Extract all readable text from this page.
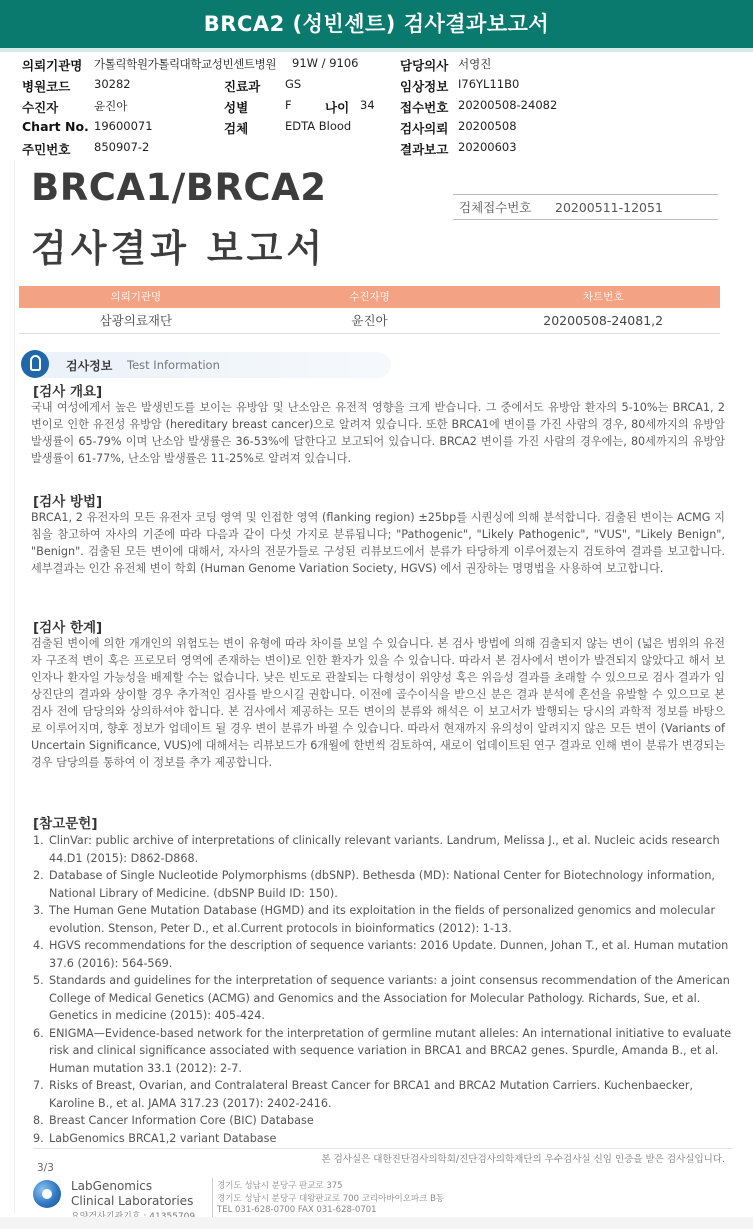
BRCA2 (성빈센트) 검사결과보고서
의뢰기관명 가톨릭학원가톨릭대학교성빈센트병원 91W / 9106	담당의사 서영진
병원코드 30282	진료과 GS	임상정보 I76YL11B0
수진자	윤진아	성별	F	나이 34 접수번호 20200508-24082
Chart No. 19600071	검체	EDTA Blood	검사의뢰 20200508
주민번호 850907-2	결과보고 20200603
BRCA1/BRCA2
검사결과 보고서
검체접수번호 20200511-12051
의뢰기관명	수진자명	차트번호
삼광의료재단	윤진아	20200508-24081,2
검사정보 Test Information
[검사 개요]

국내 여성에게서 높은 발생빈도를 보이는 유방암 및 난소암은 유전적 영향을 크게 받습니다. 그 중에서도 유방암 환자의 5-10%는 BRCA1, 2 변이로 인한 유전성 유방암 (hereditary breast cancer)으로 알려져 있습니다. 또한 BRCA1에 변이를 가진 사람의 경우, 80세까지의 유방암 발생률이 65-79% 이며 난소암 발생률은 36-53%에 달한다고 보고되어 있습니다. BRCA2 변이를 가진 사람의 경우에는, 80세까지의 유방암 발생률이 61-77%, 난소암 발생률은 11-25%로 알려져 있습니다.

[검사 방법]

BRCA1, 2 유전자의 모든 유전자 코딩 영역 및 인접한 영역 (flanking region) ±25bp를 시퀀싱에 의해 분석합니다. 검출된 변이는 ACMG 지침을 참고하여 자사의 기준에 따라 다음과 같이 다섯 가지로 분류됩니다; "Pathogenic", "Likely Pathogenic", "VUS", "Likely Benign", "Benign". 검출된 모든 변이에 대해서, 자사의 전문가들로 구성된 리뷰보드에서 분류가 타당하게 이루어졌는지 검토하여 결과를 보고합니다. 세부결과는 인간 유전체 변이 학회 (Human Genome Variation Society, HGVS) 에서 권장하는 명명법을 사용하여 보고합니다.

[검사 한계]

검출된 변이에 의한 개개인의 위험도는 변이 유형에 따라 차이를 보일 수 있습니다. 본 검사 방법에 의해 검출되지 않는 변이 (넓은 범위의 유전자 구조적 변이 혹은 프로모터 영역에 존재하는 변이)로 인한 환자가 있을 수 있습니다. 따라서 본 검사에서 변이가 발견되지 않았다고 해서 보인자나 환자일 가능성을 배제할 수는 없습니다. 낮은 빈도로 관찰되는 다형성이 위양성 혹은 위음성 결과를 초래할 수 있으므로 검사 결과가 임상진단의 결과와 상이할 경우 추가적인 검사를 받으시길 권합니다. 이전에 골수이식을 받으신 분은 결과 분석에 혼선을 유발할 수 있으므로 본 검사 전에 담당의와 상의하셔야 합니다. 본 검사에서 제공하는 모든 변이의 분류와 해석은 이 보고서가 발행되는 당시의 과학적 정보를 바탕으로 이루어지며, 향후 정보가 업데이트 될 경우 변이 분류가 바뀔 수 있습니다. 따라서 현재까지 유의성이 알려지지 않은 모든 변이 (Variants of Uncertain Significance, VUS)에 대해서는 리뷰보드가 6개월에 한번씩 검토하여, 새로이 업데이트된 연구 결과로 인해 변이 분류가 변경되는 경우 담당의를 통하여 이 정보를 추가 제공합니다.

[참고문헌]
1. ClinVar: public archive of interpretations of clinically relevant variants. Landrum, Melissa J., et al. Nucleic acids research 44.D1 (2015): D862-D868.
2. Database of Single Nucleotide Polymorphisms (dbSNP). Bethesda (MD): National Center for Biotechnology information, National Library of Medicine. (dbSNP Build ID: 150).
3. The Human Gene Mutation Database (HGMD) and its exploitation in the fields of personalized genomics and molecular evolution. Stenson, Peter D., et al.Current protocols in bioinformatics (2012): 1-13.
4. HGVS recommendations for the description of sequence variants: 2016 Update. Dunnen, Johan T., et al. Human mutation 37.6 (2016): 564-569.
5. Standards and guidelines for the interpretation of sequence variants: a joint consensus recommendation of the American College of Medical Genetics (ACMG) and Genomics and the Association for Molecular Pathology. Richards, Sue, et al. Genetics in medicine (2015): 405-424.
6. ENIGMA—Evidence-based network for the interpretation of germline mutant alleles: An international initiative to evaluate risk and clinical significance associated with sequence variation in BRCA1 and BRCA2 genes. Spurdle, Amanda B., et al. Human mutation 33.1 (2012): 2-7.
7. Risks of Breast, Ovarian, and Contralateral Breast Cancer for BRCA1 and BRCA2 Mutation Carriers. Kuchenbaecker, Karoline B., et al. JAMA 317.23 (2017): 2402-2416.
8. Breast Cancer Information Core (BIC) Database
9. LabGenomics BRCA1,2 variant Database
본 검사실은 대한진단검사의학회/진단검사의학재단의 우수검사실 신임 인증을 받은 검사실입니다.
3/3
LabGenomics
Clinical Laboratories
경기도 성남시 분당구 판교로 375
경기도 성남시 분당구 대왕판교로 700 코리아바이오파크 B동
TEL 031-628-0700 FAX 031-628-0701
